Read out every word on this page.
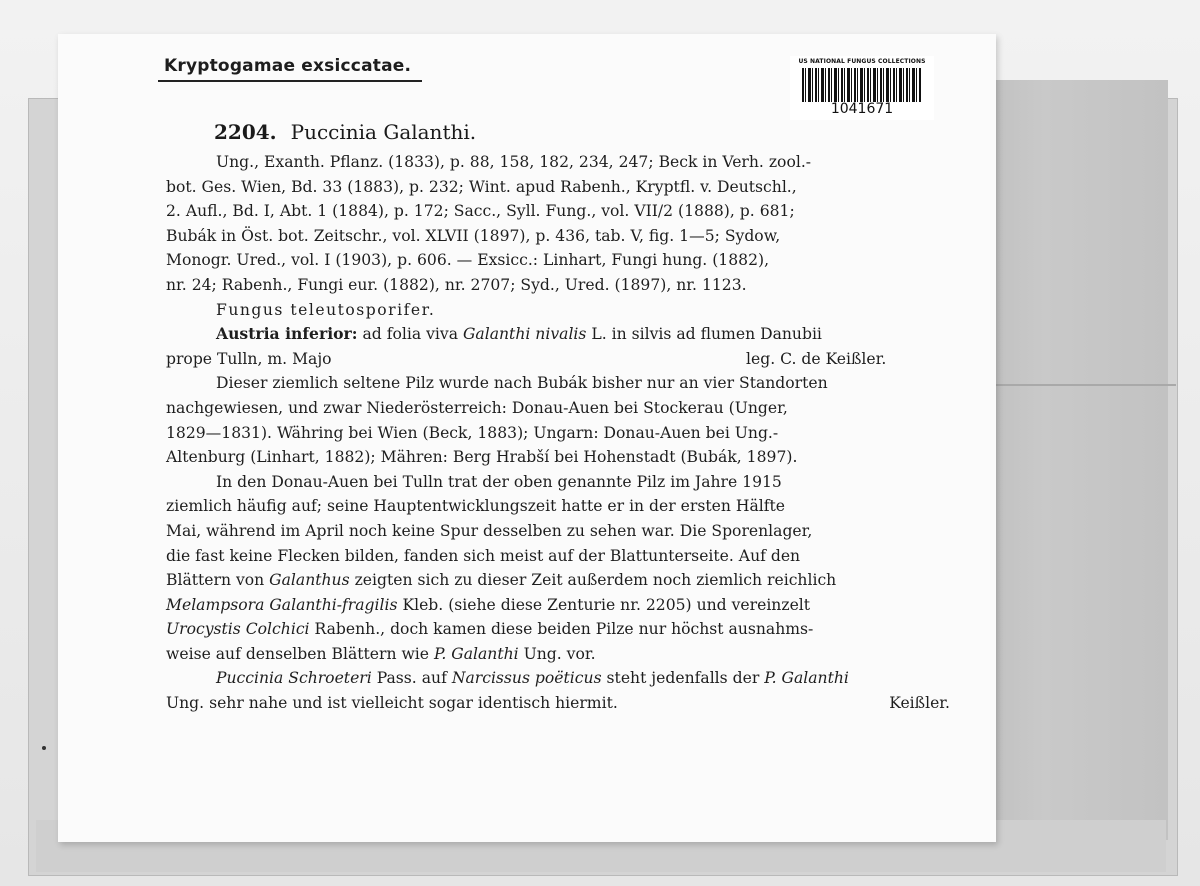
Kryptogamae exsiccatae.	US NATIONAL FUNGUS COLLECTIONS
1041671
2204. Puccinia Galanthi.
Ung., Exanth. Pflanz. (1833), p. 88, 158, 182, 234, 247; Beck in Verh. zool.-
bot. Ges. Wien, Bd. 33 (1883), p. 232; Wint. apud Rabenh., Kryptfl. v. Deutschl.,
2. Aufl., Bd. I, Abt. 1 (1884), p. 172; Sacc., Syll. Fung., vol. VII/2 (1888), p. 681;
Bubák in Öst. bot. Zeitschr., vol. XLVII (1897), p. 436, tab. V, fig. 1—5; Sydow,
Monogr. Ured., vol. I (1903), p. 606. — Exsicc.: Linhart, Fungi hung. (1882),
nr. 24; Rabenh., Fungi eur. (1882), nr. 2707; Syd., Ured. (1897), nr. 1123.
Fungus teleutosporifer.
Austria inferior: ad folia viva Galanthi nivalis L. in silvis ad flumen Danubii
prope Tulln, m. Majo	leg. C. de Keißler.
Dieser ziemlich seltene Pilz wurde nach Bubák bisher nur an vier Standorten
nachgewiesen, und zwar Niederösterreich: Donau-Auen bei Stockerau (Unger,
1829—1831). Währing bei Wien (Beck, 1883); Ungarn: Donau-Auen bei Ung.-
Altenburg (Linhart, 1882); Mähren: Berg Hrabší bei Hohenstadt (Bubák, 1897).
In den Donau-Auen bei Tulln trat der oben genannte Pilz im Jahre 1915
ziemlich häufig auf; seine Hauptentwicklungszeit hatte er in der ersten Hälfte
Mai, während im April noch keine Spur desselben zu sehen war. Die Sporenlager,
die fast keine Flecken bilden, fanden sich meist auf der Blattunterseite. Auf den
Blättern von Galanthus zeigten sich zu dieser Zeit außerdem noch ziemlich reichlich
Melampsora Galanthi-fragilis Kleb. (siehe diese Zenturie nr. 2205) und vereinzelt
Urocystis Colchici Rabenh., doch kamen diese beiden Pilze nur höchst ausnahms-
weise auf denselben Blättern wie P. Galanthi Ung. vor.
Puccinia Schroeteri Pass. auf Narcissus poëticus steht jedenfalls der P. Galanthi
Ung. sehr nahe und ist vielleicht sogar identisch hiermit.	Keißler.
